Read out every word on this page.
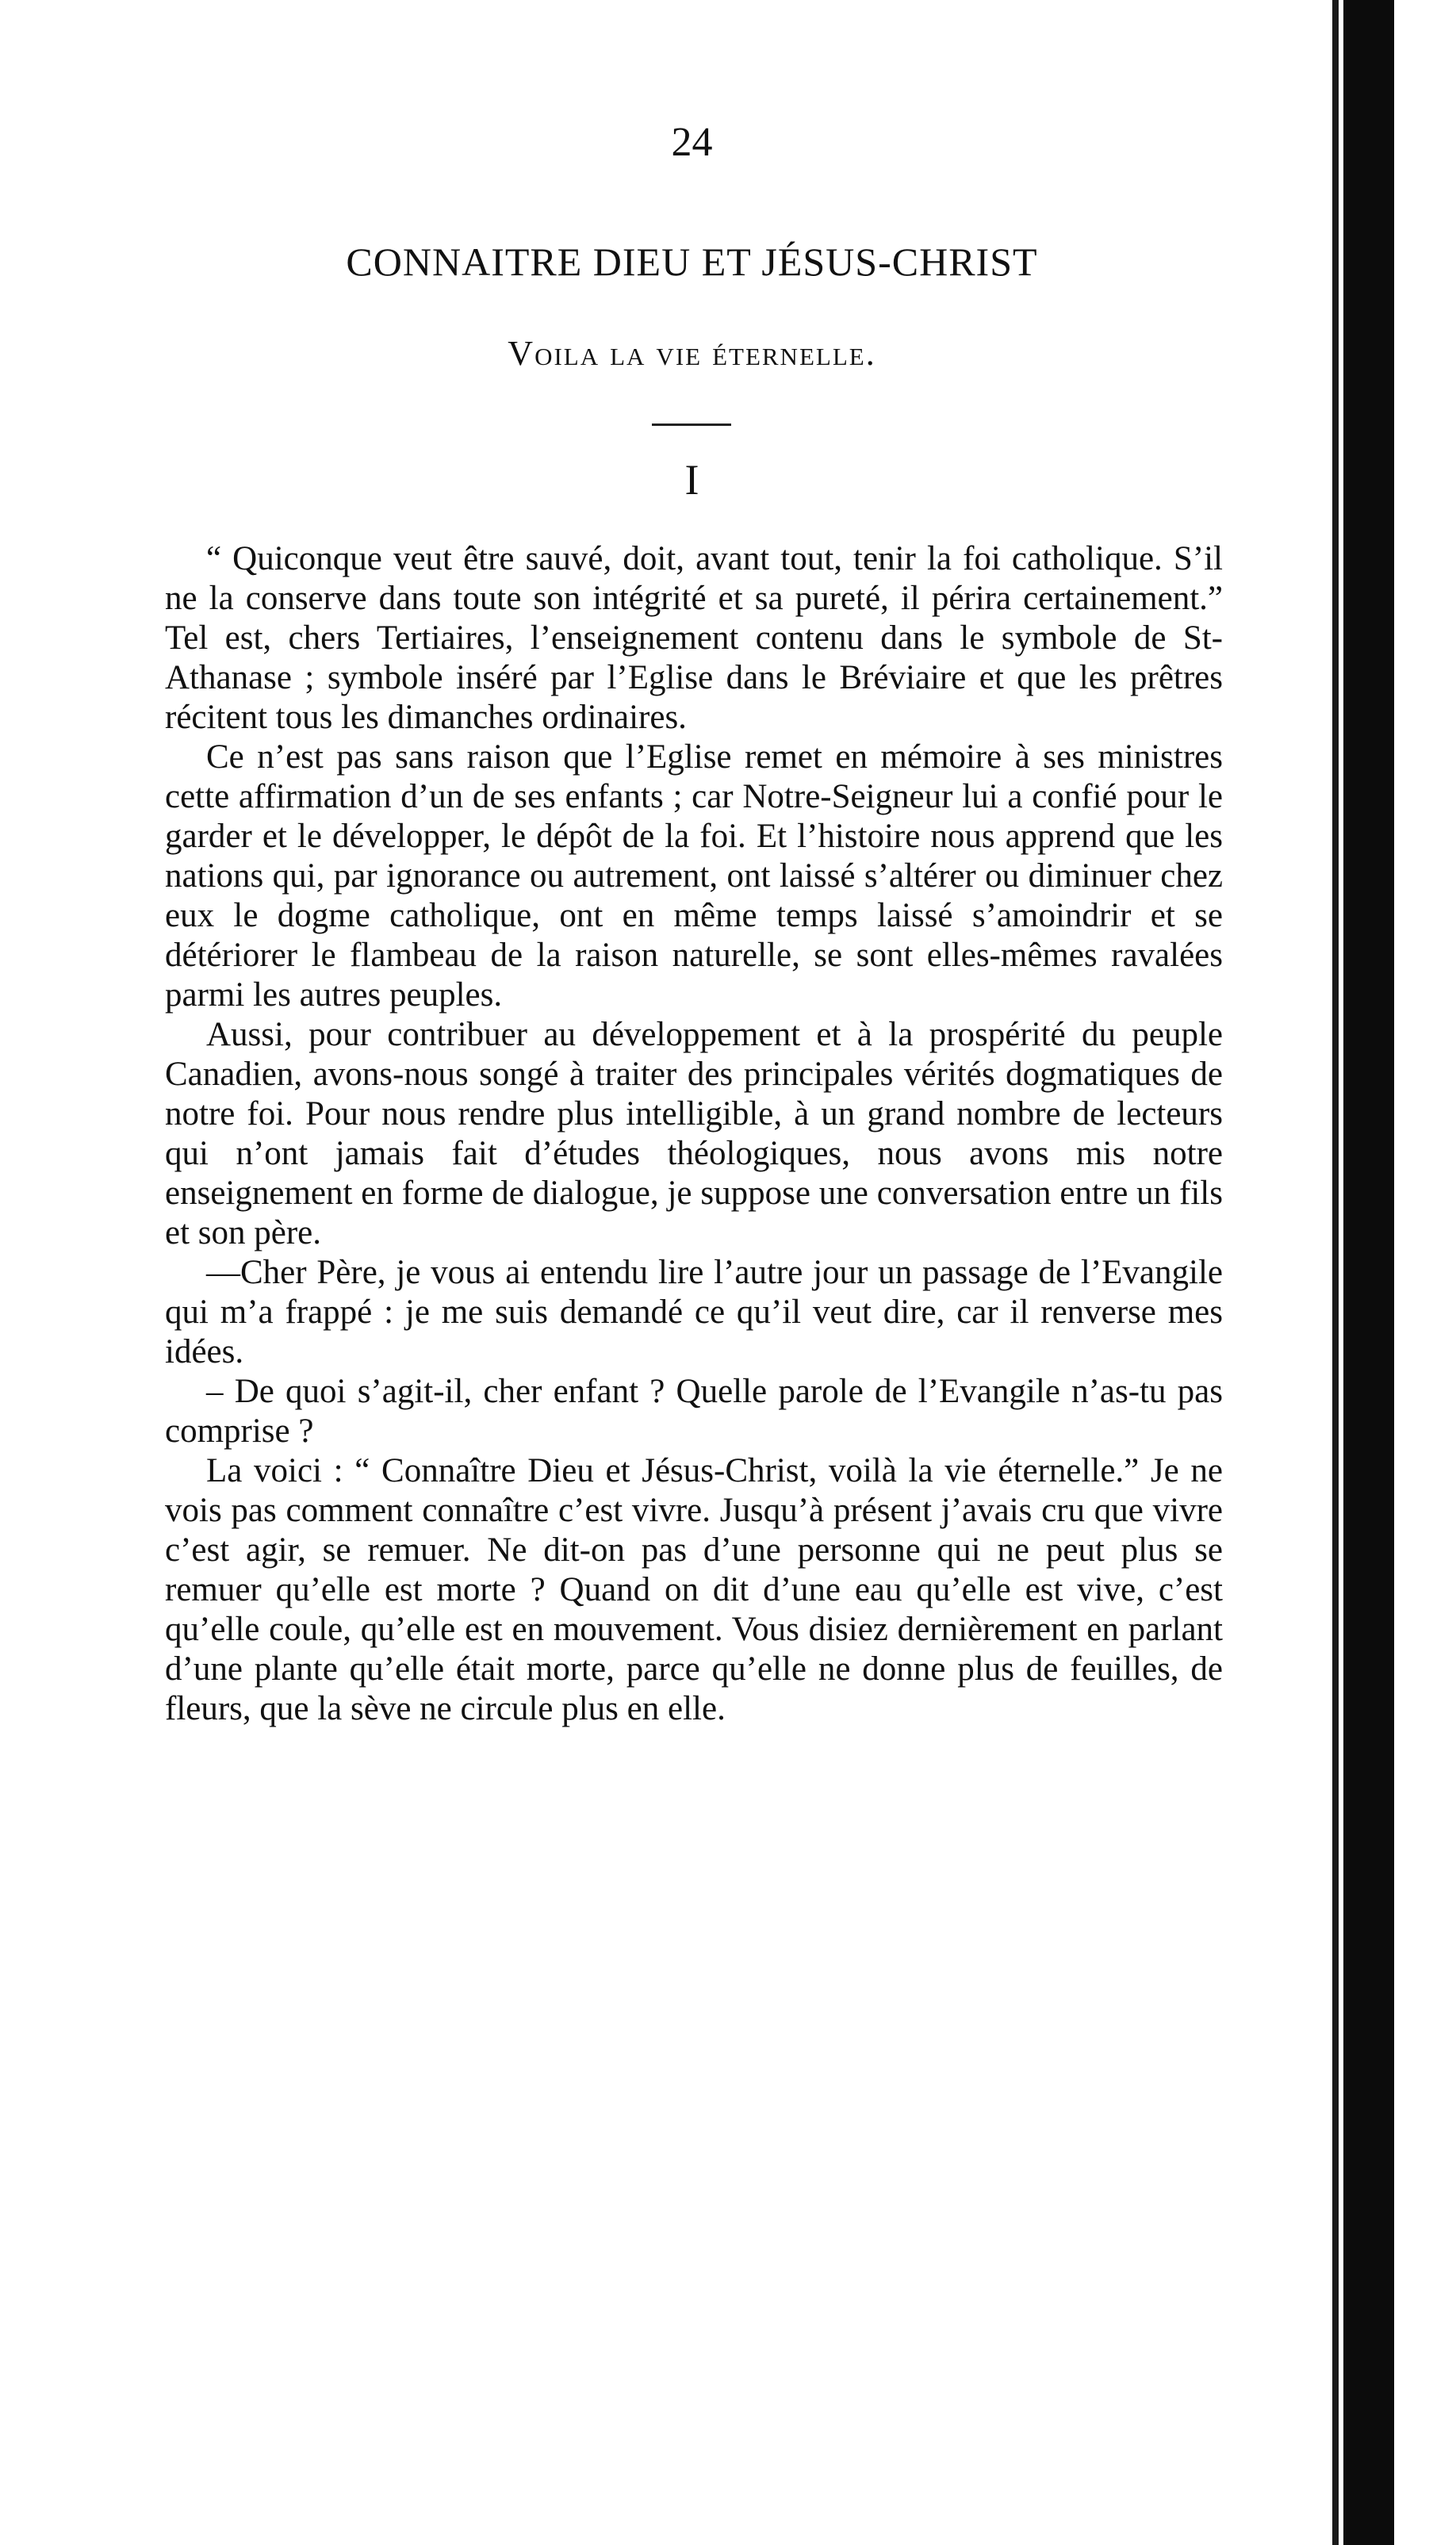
24
CONNAITRE DIEU ET JÉSUS-CHRIST
Voila la vie éternelle.
I

“ Quiconque veut être sauvé, doit, avant tout, tenir la foi catholique. S’il ne la conserve dans toute son intégrité et sa pureté, il périra certainement.” Tel est, chers Tertiaires, l’enseignement contenu dans le symbole de St-Athanase ; symbole inséré par l’Eglise dans le Bréviaire et que les prêtres récitent tous les dimanches ordinaires.

Ce n’est pas sans raison que l’Eglise remet en mémoire à ses ministres cette affirmation d’un de ses enfants ; car Notre-Seigneur lui a confié pour le garder et le développer, le dépôt de la foi. Et l’histoire nous apprend que les nations qui, par ignorance ou autrement, ont laissé s’altérer ou diminuer chez eux le dogme catholique, ont en même temps laissé s’amoindrir et se détériorer le flambeau de la raison naturelle, se sont elles-mêmes ravalées parmi les autres peuples.

Aussi, pour contribuer au développement et à la prospérité du peuple Canadien, avons-nous songé à traiter des principales vérités dogmatiques de notre foi. Pour nous rendre plus intelligible, à un grand nombre de lecteurs qui n’ont jamais fait d’études théologiques, nous avons mis notre enseignement en forme de dialogue, je suppose une conversation entre un fils et son père.

—Cher Père, je vous ai entendu lire l’autre jour un passage de l’Evangile qui m’a frappé : je me suis demandé ce qu’il veut dire, car il renverse mes idées.

– De quoi s’agit-il, cher enfant ? Quelle parole de l’Evangile n’as-tu pas comprise ?

La voici : “ Connaître Dieu et Jésus-Christ, voilà la vie éternelle.” Je ne vois pas comment connaître c’est vivre. Jusqu’à présent j’avais cru que vivre c’est agir, se remuer. Ne dit-on pas d’une personne qui ne peut plus se remuer qu’elle est morte ? Quand on dit d’une eau qu’elle est vive, c’est qu’elle coule, qu’elle est en mouvement. Vous disiez dernièrement en parlant d’une plante qu’elle était morte, parce qu’elle ne donne plus de feuilles, de fleurs, que la sève ne circule plus en elle.
